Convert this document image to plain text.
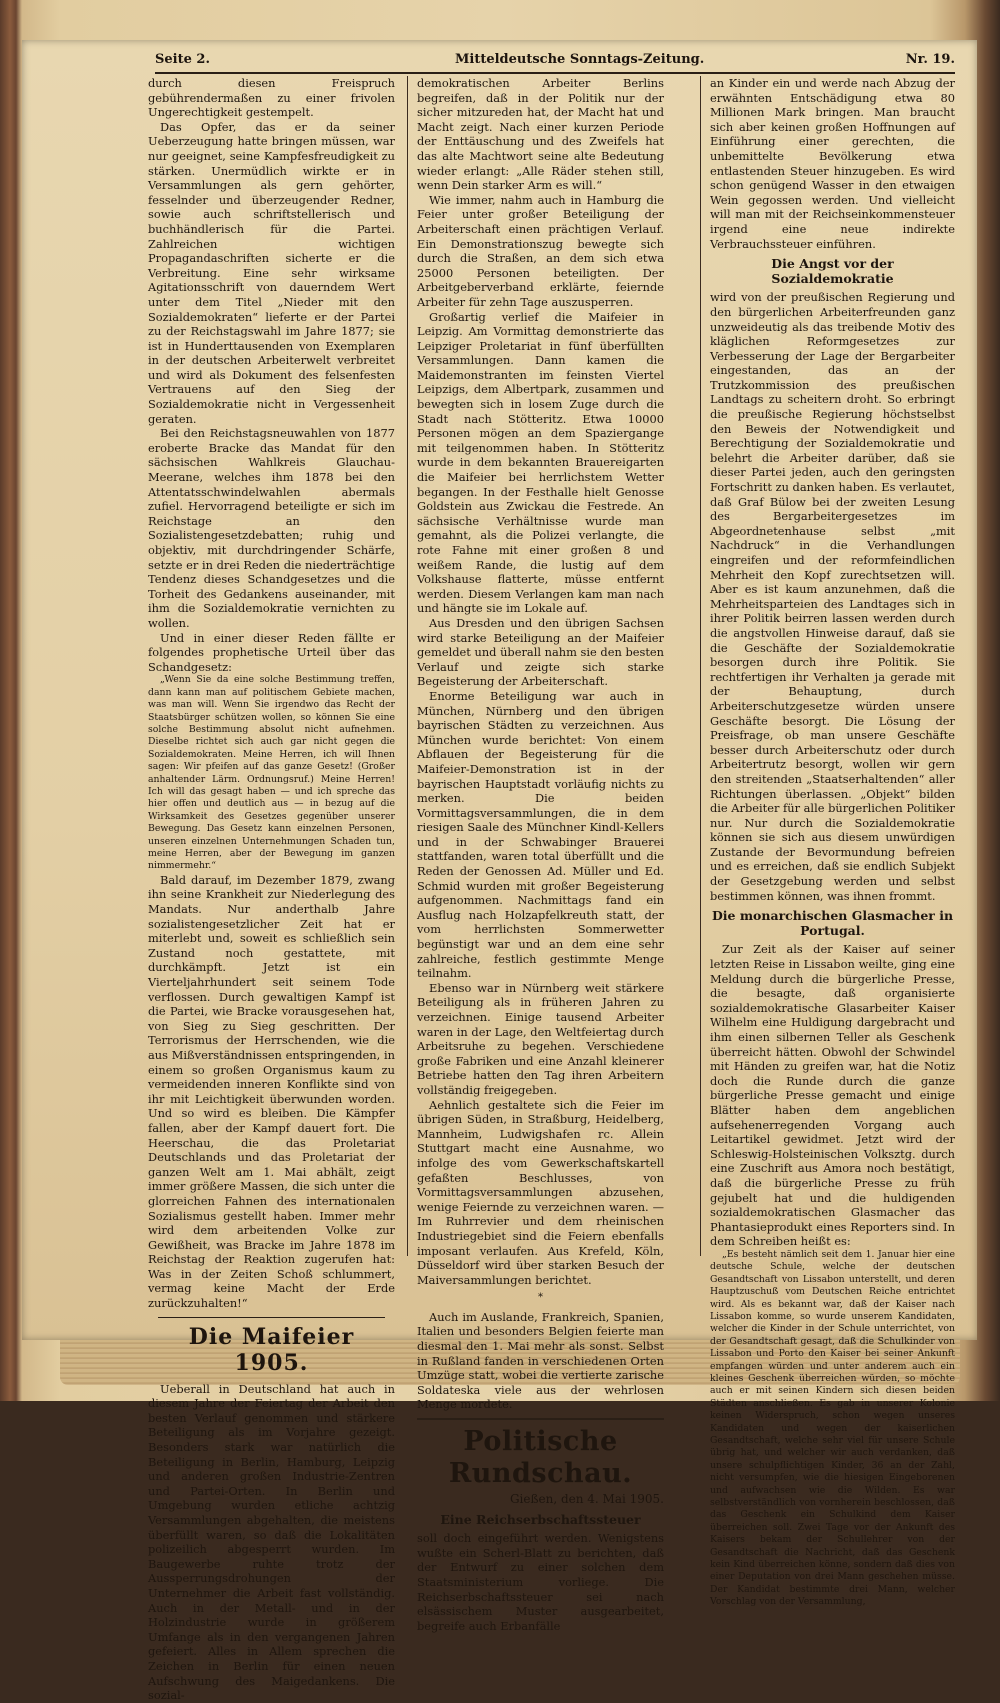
Seite 2.	Mitteldeutsche Sonntags-Zeitung.	Nr. 19.

durch diesen Freispruch gebührendermaßen zu einer frivolen Ungerechtigkeit gestempelt.

Das Opfer, das er da seiner Ueberzeugung hatte bringen müssen, war nur geeignet, seine Kampfesfreudigkeit zu stärken. Unermüdlich wirkte er in Versammlungen als gern gehörter, fesselnder und überzeugender Redner, sowie auch schriftstellerisch und buchhändlerisch für die Partei. Zahlreichen wichtigen Propagandaschriften sicherte er die Verbreitung. Eine sehr wirksame Agitationsschrift von dauerndem Wert unter dem Titel „Nieder mit den Sozialdemokraten“ lieferte er der Partei zu der Reichstagswahl im Jahre 1877; sie ist in Hunderttausenden von Exemplaren in der deutschen Arbeiterwelt verbreitet und wird als Dokument des felsenfesten Vertrauens auf den Sieg der Sozialdemokratie nicht in Vergessenheit geraten.

Bei den Reichstagsneuwahlen von 1877 eroberte Bracke das Mandat für den sächsischen Wahlkreis Glauchau-Meerane, welches ihm 1878 bei den Attentatsschwindelwahlen abermals zufiel. Hervorragend beteiligte er sich im Reichstage an den Sozialistengesetzdebatten; ruhig und objektiv, mit durchdringender Schärfe, setzte er in drei Reden die niederträchtige Tendenz dieses Schandgesetzes und die Torheit des Gedankens auseinander, mit ihm die Sozialdemokratie vernichten zu wollen.

Und in einer dieser Reden fällte er folgendes prophetische Urteil über das Schandgesetz:

„Wenn Sie da eine solche Bestimmung treffen, dann kann man auf politischem Gebiete machen, was man will. Wenn Sie irgendwo das Recht der Staatsbürger schützen wollen, so können Sie eine solche Bestimmung absolut nicht aufnehmen. Dieselbe richtet sich auch gar nicht gegen die Sozialdemokraten. Meine Herren, ich will Ihnen sagen: Wir pfeifen auf das ganze Gesetz! (Großer anhaltender Lärm. Ordnungsruf.) Meine Herren! Ich will das gesagt haben — und ich spreche das hier offen und deutlich aus — in bezug auf die Wirksamkeit des Gesetzes gegenüber unserer Bewegung. Das Gesetz kann einzelnen Personen, unseren einzelnen Unternehmungen Schaden tun, meine Herren, aber der Bewegung im ganzen nimmermehr.“

Bald darauf, im Dezember 1879, zwang ihn seine Krankheit zur Niederlegung des Mandats. Nur anderthalb Jahre sozialistengesetzlicher Zeit hat er miterlebt und, soweit es schließlich sein Zustand noch gestattete, mit durchkämpft. Jetzt ist ein Vierteljahrhundert seit seinem Tode verflossen. Durch gewaltigen Kampf ist die Partei, wie Bracke vorausgesehen hat, von Sieg zu Sieg geschritten. Der Terrorismus der Herrschenden, wie die aus Mißverständnissen entspringenden, in einem so großen Organismus kaum zu vermeidenden inneren Konflikte sind von ihr mit Leichtigkeit überwunden worden. Und so wird es bleiben. Die Kämpfer fallen, aber der Kampf dauert fort. Die Heerschau, die das Proletariat Deutschlands und das Proletariat der ganzen Welt am 1. Mai abhält, zeigt immer größere Massen, die sich unter die glorreichen Fahnen des internationalen Sozialismus gestellt haben. Immer mehr wird dem arbeitenden Volke zur Gewißheit, was Bracke im Jahre 1878 im Reichstag der Reaktion zugerufen hat: Was in der Zeiten Schoß schlummert, vermag keine Macht der Erde zurückzuhalten!“

Die Maifeier 1905.

Ueberall in Deutschland hat auch in diesem Jahre der Feiertag der Arbeit den besten Verlauf genommen und stärkere Beteiligung als im Vorjahre gezeigt. Besonders stark war natürlich die Beteiligung in Berlin, Hamburg, Leipzig und anderen großen Industrie-Zentren und Partei-Orten. In Berlin und Umgebung wurden etliche achtzig Versammlungen abgehalten, die meistens überfüllt waren, so daß die Lokalitäten polizeilich abgesperrt wurden. Im Baugewerbe ruhte trotz der Aussperrungsdrohungen der Unternehmer die Arbeit fast vollständig. Auch in der Metall- und in der Holzindustrie wurde in größerem Umfange als in den vergangenen Jahren gefeiert. Alles in Allem sprechen die Zeichen in Berlin für einen neuen Aufschwung des Maigedankens. Die sozial-

demokratischen Arbeiter Berlins begreifen, daß in der Politik nur der sicher mitzureden hat, der Macht hat und Macht zeigt. Nach einer kurzen Periode der Enttäuschung und des Zweifels hat das alte Machtwort seine alte Bedeutung wieder erlangt: „Alle Räder stehen still, wenn Dein starker Arm es will.“

Wie immer, nahm auch in Hamburg die Feier unter großer Beteiligung der Arbeiterschaft einen prächtigen Verlauf. Ein Demonstrationszug bewegte sich durch die Straßen, an dem sich etwa 25000 Personen beteiligten. Der Arbeitgeberverband erklärte, feiernde Arbeiter für zehn Tage auszusperren.

Großartig verlief die Maifeier in Leipzig. Am Vormittag demonstrierte das Leipziger Proletariat in fünf überfüllten Versammlungen. Dann kamen die Maidemonstranten im feinsten Viertel Leipzigs, dem Albertpark, zusammen und bewegten sich in losem Zuge durch die Stadt nach Stötteritz. Etwa 10000 Personen mögen an dem Spaziergange mit teilgenommen haben. In Stötteritz wurde in dem bekannten Brauereigarten die Maifeier bei herrlichstem Wetter begangen. In der Festhalle hielt Genosse Goldstein aus Zwickau die Festrede. An sächsische Verhältnisse wurde man gemahnt, als die Polizei verlangte, die rote Fahne mit einer großen 8 und weißem Rande, die lustig auf dem Volkshause flatterte, müsse entfernt werden. Diesem Verlangen kam man nach und hängte sie im Lokale auf.

Aus Dresden und den übrigen Sachsen wird starke Beteiligung an der Maifeier gemeldet und überall nahm sie den besten Verlauf und zeigte sich starke Begeisterung der Arbeiterschaft.

Enorme Beteiligung war auch in München, Nürnberg und den übrigen bayrischen Städten zu verzeichnen. Aus München wurde berichtet: Von einem Abflauen der Begeisterung für die Maifeier-Demonstration ist in der bayrischen Hauptstadt vorläufig nichts zu merken. Die beiden Vormittagsversammlungen, die in dem riesigen Saale des Münchner Kindl-Kellers und in der Schwabinger Brauerei stattfanden, waren total überfüllt und die Reden der Genossen Ad. Müller und Ed. Schmid wurden mit großer Begeisterung aufgenommen. Nachmittags fand ein Ausflug nach Holzapfelkreuth statt, der vom herrlichsten Sommerwetter begünstigt war und an dem eine sehr zahlreiche, festlich gestimmte Menge teilnahm.

Ebenso war in Nürnberg weit stärkere Beteiligung als in früheren Jahren zu verzeichnen. Einige tausend Arbeiter waren in der Lage, den Weltfeiertag durch Arbeitsruhe zu begehen. Verschiedene große Fabriken und eine Anzahl kleinerer Betriebe hatten den Tag ihren Arbeitern vollständig freigegeben.

Aehnlich gestaltete sich die Feier im übrigen Süden, in Straßburg, Heidelberg, Mannheim, Ludwigshafen rc. Allein Stuttgart macht eine Ausnahme, wo infolge des vom Gewerkschaftskartell gefaßten Beschlusses, von Vormittagsversammlungen abzusehen, wenige Feiernde zu verzeichnen waren. — Im Ruhrrevier und dem rheinischen Industriegebiet sind die Feiern ebenfalls imposant verlaufen. Aus Krefeld, Köln, Düsseldorf wird über starken Besuch der Maiversammlungen berichtet.

*

Auch im Auslande, Frankreich, Spanien, Italien und besonders Belgien feierte man diesmal den 1. Mai mehr als sonst. Selbst in Rußland fanden in verschiedenen Orten Umzüge statt, wobei die vertierte zarische Soldateska viele aus der wehrlosen Menge mordete.

Politische Rundschau.
Gießen, den 4. Mai 1905.
Eine Reichserbschaftssteuer

soll doch eingeführt werden. Wenigstens wußte ein Scherl-Blatt zu berichten, daß der Entwurf zu einer solchen dem Staatsministerium vorliege. Die Reichserbschaftssteuer sei nach elsässischem Muster ausgearbeitet, begreife auch Erbanfälle

an Kinder ein und werde nach Abzug der erwähnten Entschädigung etwa 80 Millionen Mark bringen. Man braucht sich aber keinen großen Hoffnungen auf Einführung einer gerechten, die unbemittelte Bevölkerung etwa entlastenden Steuer hinzugeben. Es wird schon genügend Wasser in den etwaigen Wein gegossen werden. Und vielleicht will man mit der Reichseinkommensteuer irgend eine neue indirekte Verbrauchssteuer einführen.

Die Angst vor der Sozialdemokratie

wird von der preußischen Regierung und den bürgerlichen Arbeiterfreunden ganz unzweideutig als das treibende Motiv des kläglichen Reformgesetzes zur Verbesserung der Lage der Bergarbeiter eingestanden, das an der Trutzkommission des preußischen Landtags zu scheitern droht. So erbringt die preußische Regierung höchstselbst den Beweis der Notwendigkeit und Berechtigung der Sozialdemokratie und belehrt die Arbeiter darüber, daß sie dieser Partei jeden, auch den geringsten Fortschritt zu danken haben. Es verlautet, daß Graf Bülow bei der zweiten Lesung des Bergarbeitergesetzes im Abgeordnetenhause selbst „mit Nachdruck“ in die Verhandlungen eingreifen und der reformfeindlichen Mehrheit den Kopf zurechtsetzen will. Aber es ist kaum anzunehmen, daß die Mehrheitsparteien des Landtages sich in ihrer Politik beirren lassen werden durch die angstvollen Hinweise darauf, daß sie die Geschäfte der Sozialdemokratie besorgen durch ihre Politik. Sie rechtfertigen ihr Verhalten ja gerade mit der Behauptung, durch Arbeiterschutzgesetze würden unsere Geschäfte besorgt. Die Lösung der Preisfrage, ob man unsere Geschäfte besser durch Arbeiterschutz oder durch Arbeitertrutz besorgt, wollen wir gern den streitenden „Staatserhaltenden“ aller Richtungen überlassen. „Objekt“ bilden die Arbeiter für alle bürgerlichen Politiker nur. Nur durch die Sozialdemokratie können sie sich aus diesem unwürdigen Zustande der Bevormundung befreien und es erreichen, daß sie endlich Subjekt der Gesetzgebung werden und selbst bestimmen können, was ihnen frommt.

Die monarchischen Glasmacher in Portugal.

Zur Zeit als der Kaiser auf seiner letzten Reise in Lissabon weilte, ging eine Meldung durch die bürgerliche Presse, die besagte, daß organisierte sozialdemokratische Glasarbeiter Kaiser Wilhelm eine Huldigung dargebracht und ihm einen silbernen Teller als Geschenk überreicht hätten. Obwohl der Schwindel mit Händen zu greifen war, hat die Notiz doch die Runde durch die ganze bürgerliche Presse gemacht und einige Blätter haben dem angeblichen aufsehenerregenden Vorgang auch Leitartikel gewidmet. Jetzt wird der Schleswig-Holsteinischen Volksztg. durch eine Zuschrift aus Amora noch bestätigt, daß die bürgerliche Presse zu früh gejubelt hat und die huldigenden sozialdemokratischen Glasmacher das Phantasieprodukt eines Reporters sind. In dem Schreiben heißt es:

„Es besteht nämlich seit dem 1. Januar hier eine deutsche Schule, welche der deutschen Gesandtschaft von Lissabon unterstellt, und deren Hauptzuschuß vom Deutschen Reiche entrichtet wird. Als es bekannt war, daß der Kaiser nach Lissabon komme, so wurde unserem Kandidaten, welcher die Kinder in der Schule unterrichtet, von der Gesandtschaft gesagt, daß die Schulkinder von Lissabon und Porto den Kaiser bei seiner Ankunft empfangen würden und unter anderem auch ein kleines Geschenk überreichen würden, so möchte auch er mit seinen Kindern sich diesen beiden Städten anschließen. Es gab in unserer Kolonie keinen Widerspruch, schon wegen unseres Kandidaten und wegen der kaiserlichen Gesandtschaft, welche sehr viel für unsere Schule übrig hat, und welcher wir auch verdanken, daß unsere schulpflichtigen Kinder, 36 an der Zahl, nicht versumpfen, wie die hiesigen Eingeborenen und aufwachsen wie die Wilden. Es war selbstverständlich von vornherein beschlossen, daß das Geschenk ein Schulkind dem Kaiser überreichen soll. Zwei Tage vor der Ankunft des Kaisers bekam der Schullehrer von der Gesandtschaft die Nachricht, daß das Geschenk kein Kind überreichen könne, sondern daß dies von einer Deputation von drei Mann geschehen müsse. Der Kandidat bestimmte drei Mann, welcher Vorschlag von der Versammlung,
